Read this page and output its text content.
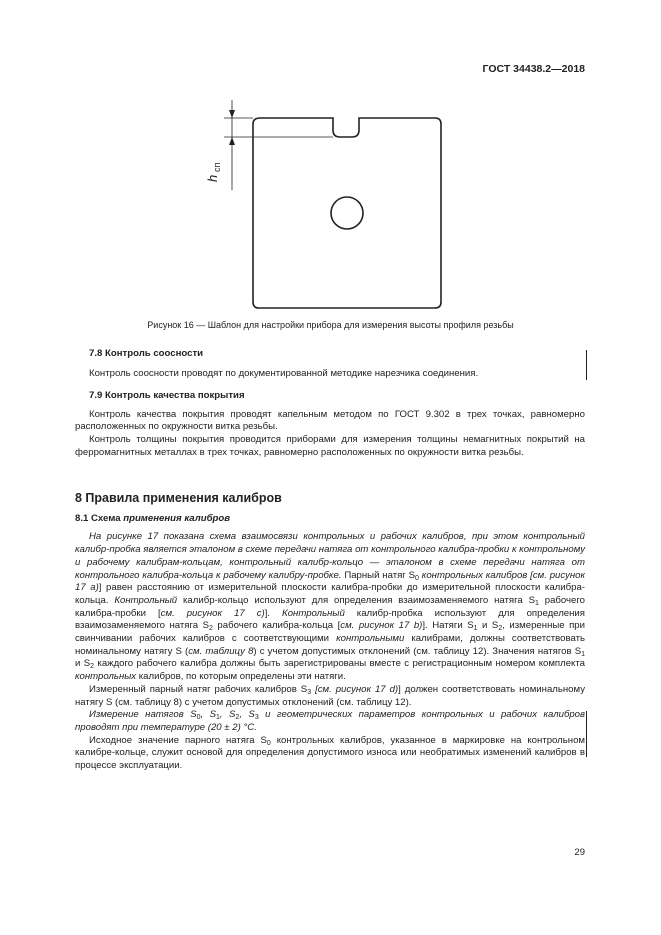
ГОСТ 34438.2—2018
h
сп
Рисунок 16 — Шаблон для настройки прибора для измерения высоты профиля резьбы

7.8 Контроль соосности

Контроль соосности проводят по документированной методике нарезчика соединения.

7.9 Контроль качества покрытия

Контроль качества покрытия проводят капельным методом по ГОСТ 9.302 в трех точках, равномерно расположенных по окружности витка резьбы.

Контроль толщины покрытия проводится приборами для измерения толщины немагнитных покрытий на ферромагнитных металлах в трех точках, равномерно расположенных по окружности витка резьбы.

8 Правила применения калибров

8.1 Схема применения калибров

На рисунке 17 показана схема взаимосвязи контрольных и рабочих калибров, при этом контрольный калибр-пробка является эталоном в схеме передачи натяга от контрольного калибра-пробки к контрольному и рабочему калибрам-кольцам, контрольный калибр-кольцо — эталоном в схеме передачи натяга от контрольного калибра-кольца к рабочему калибру-пробке. Парный натяг $S_0$ контрольных калибров [см. рисунок 17 а)] равен расстоянию от измерительной плоскости калибра-пробки до измерительной плоскости калибра-кольца. Контрольный калибр-кольцо используют для определения взаимозаменяемого натяга $S_1$ рабочего калибра-пробки [см. рисунок 17 с)]. Контрольный калибр-пробка используют для определения взаимозаменяемого натяга $S_2$ рабочего калибра-кольца [см. рисунок 17 b)]. Натяги $S_1$ и $S_2$, измеренные при свинчивании рабочих калибров с соответствующими контрольными калибрами, должны соответствовать номинальному натягу S (см. таблицу 8) с учетом допустимых отклонений (см. таблицу 12). Значения натягов $S_1$ и $S_2$ каждого рабочего калибра должны быть зарегистрированы вместе с регистрационным номером комплекта контрольных калибров, по которым определены эти натяги.

Измеренный парный натяг рабочих калибров $S_3$ [см. рисунок 17 d)] должен соответствовать номинальному натягу S (см. таблицу 8) с учетом допустимых отклонений (см. таблицу 12).

Измерение натягов $S_0$, $S_1$, $S_2$, $S_3$ и геометрических параметров контрольных и рабочих калибров проводят при температуре (20 ± 2) °С.

Исходное значение парного натяга $S_0$ контрольных калибров, указанное в маркировке на контрольном калибре-кольце, служит основой для определения допустимого износа или необратимых изменений калибров в процессе эксплуатации.

29
